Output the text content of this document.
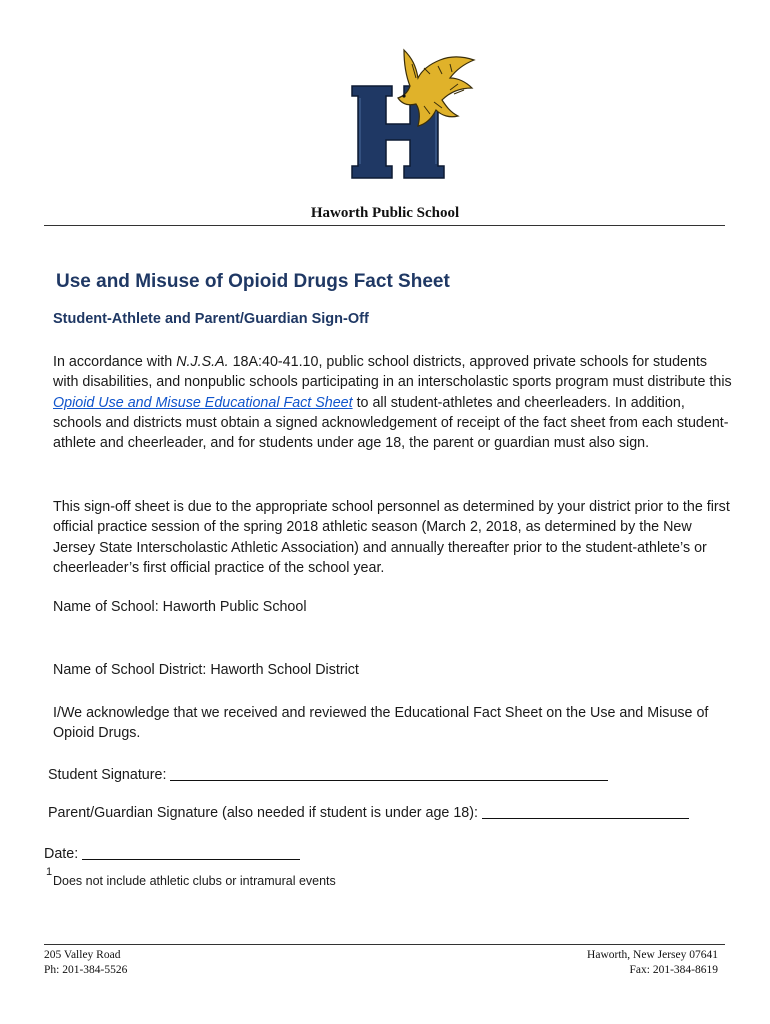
Haworth Public School
Use and Misuse of Opioid Drugs Fact Sheet
Student-Athlete and Parent/Guardian Sign-Off
In accordance with N.J.S.A. 18A:40-41.10, public school districts, approved private schools for students with disabilities, and nonpublic schools participating in an interscholastic sports program must distribute this Opioid Use and Misuse Educational Fact Sheet to all student-athletes and cheerleaders. In addition, schools and districts must obtain a signed acknowledgement of receipt of the fact sheet from each student-athlete and cheerleader, and for students under age 18, the parent or guardian must also sign.
This sign-off sheet is due to the appropriate school personnel as determined by your district prior to the first official practice session of the spring 2018 athletic season (March 2, 2018, as determined by the New Jersey State Interscholastic Athletic Association) and annually thereafter prior to the student-athlete’s or cheerleader’s first official practice of the school year.
Name of School: Haworth Public School
Name of School District: Haworth School District
I/We acknowledge that we received and reviewed the Educational Fact Sheet on the Use and Misuse of Opioid Drugs.
Student Signature:
Parent/Guardian Signature (also needed if student is under age 18):
Date:
1
Does not include athletic clubs or intramural events
205 Valley Road
Ph: 201-384-5526
Haworth, New Jersey 07641
Fax: 201-384-8619
